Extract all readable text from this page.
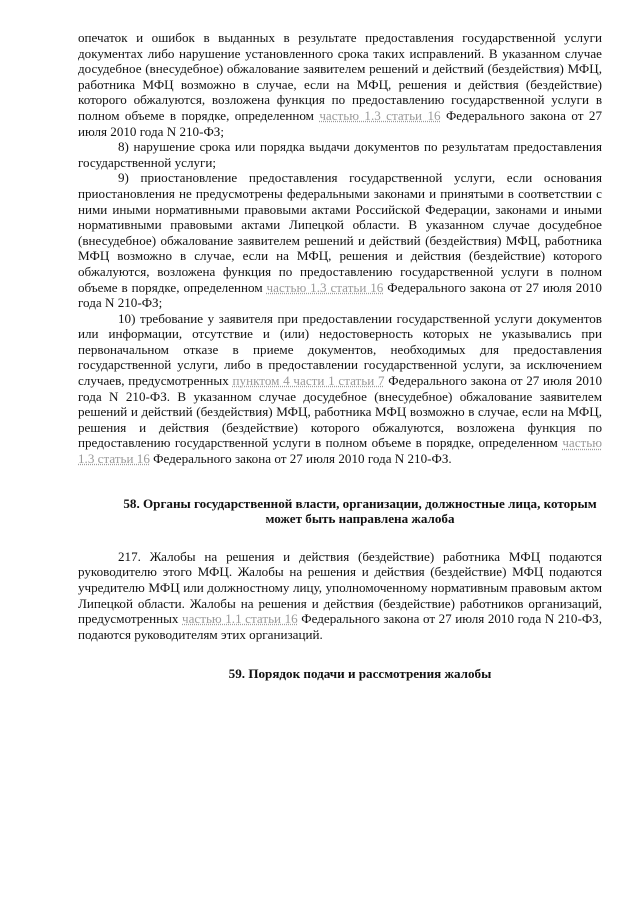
опечаток и ошибок в выданных в результате предоставления государственной услуги документах либо нарушение установленного срока таких исправлений. В указанном случае досудебное (внесудебное) обжалование заявителем решений и действий (бездействия) МФЦ, работника МФЦ возможно в случае, если на МФЦ, решения и действия (бездействие) которого обжалуются, возложена функция по предоставлению государственной услуги в полном объеме в порядке, определенном частью 1.3 статьи 16 Федерального закона от 27 июля 2010 года N 210-ФЗ;

8) нарушение срока или порядка выдачи документов по результатам предоставления государственной услуги;

9) приостановление предоставления государственной услуги, если основания приостановления не предусмотрены федеральными законами и принятыми в соответствии с ними иными нормативными правовыми актами Российской Федерации, законами и иными нормативными правовыми актами Липецкой области. В указанном случае досудебное (внесудебное) обжалование заявителем решений и действий (бездействия) МФЦ, работника МФЦ возможно в случае, если на МФЦ, решения и действия (бездействие) которого обжалуются, возложена функция по предоставлению государственной услуги в полном объеме в порядке, определенном частью 1.3 статьи 16 Федерального закона от 27 июля 2010 года N 210-ФЗ;

10) требование у заявителя при предоставлении государственной услуги документов или информации, отсутствие и (или) недостоверность которых не указывались при первоначальном отказе в приеме документов, необходимых для предоставления государственной услуги, либо в предоставлении государственной услуги, за исключением случаев, предусмотренных пунктом 4 части 1 статьи 7 Федерального закона от 27 июля 2010 года N 210-ФЗ. В указанном случае досудебное (внесудебное) обжалование заявителем решений и действий (бездействия) МФЦ, работника МФЦ возможно в случае, если на МФЦ, решения и действия (бездействие) которого обжалуются, возложена функция по предоставлению государственной услуги в полном объеме в порядке, определенном частью 1.3 статьи 16 Федерального закона от 27 июля 2010 года N 210-ФЗ.

58. Органы государственной власти, организации, должностные лица, которым может быть направлена жалоба

217. Жалобы на решения и действия (бездействие) работника МФЦ подаются руководителю этого МФЦ. Жалобы на решения и действия (бездействие) МФЦ подаются учредителю МФЦ или должностному лицу, уполномоченному нормативным правовым актом Липецкой области. Жалобы на решения и действия (бездействие) работников организаций, предусмотренных частью 1.1 статьи 16 Федерального закона от 27 июля 2010 года N 210-ФЗ, подаются руководителям этих организаций.

59. Порядок подачи и рассмотрения жалобы
